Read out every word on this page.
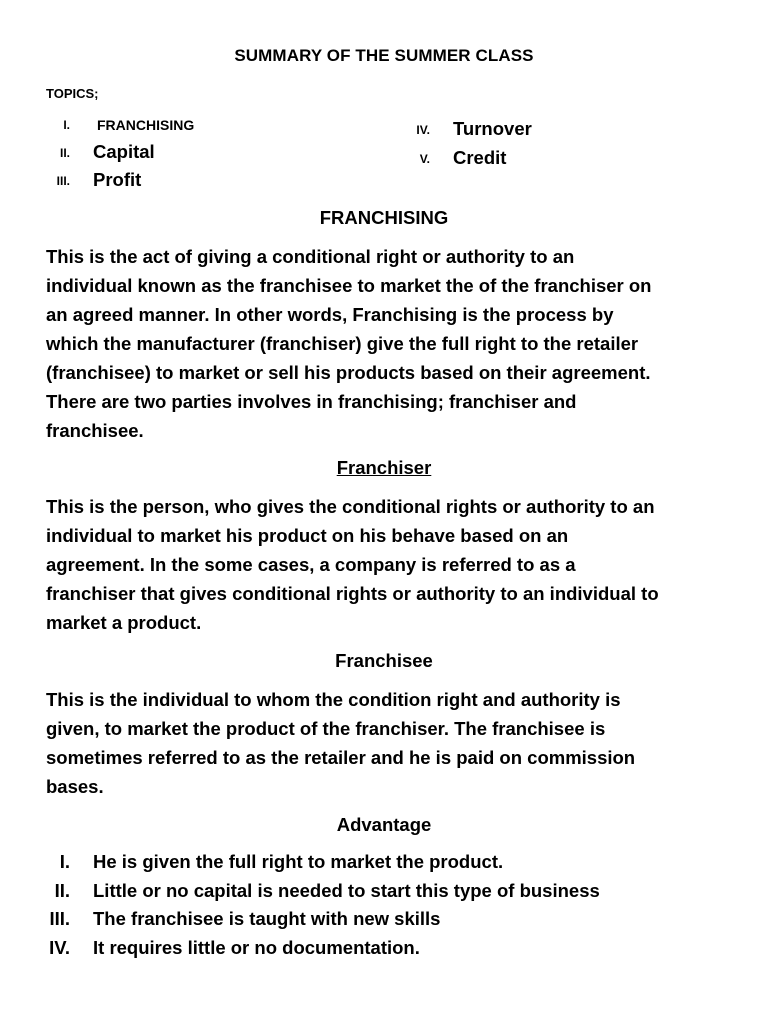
SUMMARY OF THE SUMMER CLASS
TOPICS;
I. FRANCHISING
II. Capital
III. Profit
IV. Turnover
V. Credit
FRANCHISING

This is the act of giving a conditional right or authority to an
individual known as the franchisee to market the of the franchiser on
an agreed manner. In other words, Franchising is the process by
which the manufacturer (franchiser) give the full right to the retailer
(franchisee) to market or sell his products based on their agreement.
There are two parties involves in franchising; franchiser and
franchisee.

Franchiser

This is the person, who gives the conditional rights or authority to an
individual to market his product on his behave based on an
agreement. In the some cases, a company is referred to as a
franchiser that gives conditional rights or authority to an individual to
market a product.

Franchisee

This is the individual to whom the condition right and authority is
given, to market the product of the franchiser. The franchisee is
sometimes referred to as the retailer and he is paid on commission
bases.

Advantage
I. He is given the full right to market the product.
II. Little or no capital is needed to start this type of business
III. The franchisee is taught with new skills
IV. It requires little or no documentation.
